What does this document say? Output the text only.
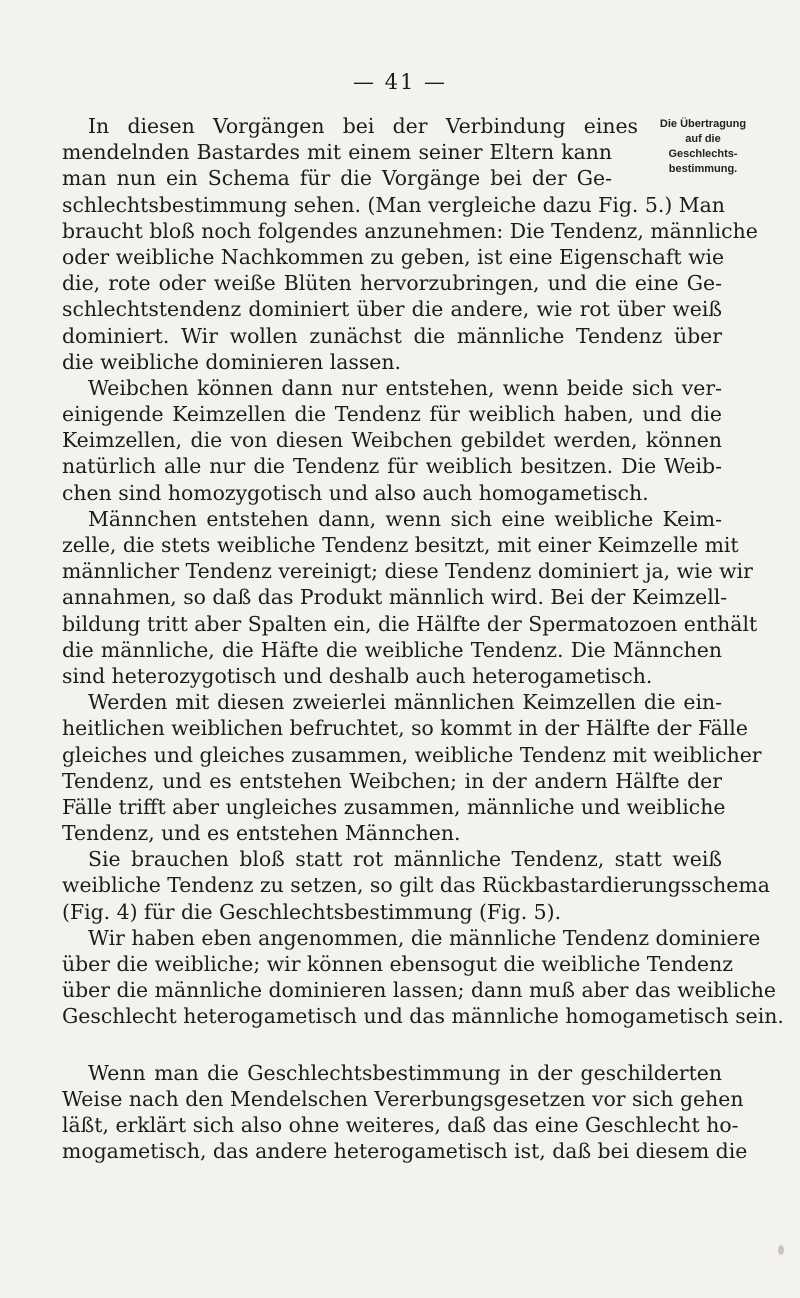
— 41 —
Die Übertragung
auf die
Geschlechts-
bestimmung.
In diesen Vorgängen bei der Verbindung eines
mendelnden Bastardes mit einem seiner Eltern kann
man nun ein Schema für die Vorgänge bei der Ge-
schlechtsbestimmung sehen. (Man vergleiche dazu Fig. 5.) Man
braucht bloß noch folgendes anzunehmen: Die Tendenz, männliche
oder weibliche Nachkommen zu geben, ist eine Eigenschaft wie
die, rote oder weiße Blüten hervorzubringen, und die eine Ge-
schlechtstendenz dominiert über die andere, wie rot über weiß
dominiert. Wir wollen zunächst die männliche Tendenz über
die weibliche dominieren lassen.
Weibchen können dann nur entstehen, wenn beide sich ver-
einigende Keimzellen die Tendenz für weiblich haben, und die
Keimzellen, die von diesen Weibchen gebildet werden, können
natürlich alle nur die Tendenz für weiblich besitzen. Die Weib-
chen sind homozygotisch und also auch homogametisch.
Männchen entstehen dann, wenn sich eine weibliche Keim-
zelle, die stets weibliche Tendenz besitzt, mit einer Keimzelle mit
männlicher Tendenz vereinigt; diese Tendenz dominiert ja, wie wir
annahmen, so daß das Produkt männlich wird. Bei der Keimzell-
bildung tritt aber Spalten ein, die Hälfte der Spermatozoen enthält
die männliche, die Häfte die weibliche Tendenz. Die Männchen
sind heterozygotisch und deshalb auch heterogametisch.
Werden mit diesen zweierlei männlichen Keimzellen die ein-
heitlichen weiblichen befruchtet, so kommt in der Hälfte der Fälle
gleiches und gleiches zusammen, weibliche Tendenz mit weiblicher
Tendenz, und es entstehen Weibchen; in der andern Hälfte der
Fälle trifft aber ungleiches zusammen, männliche und weibliche
Tendenz, und es entstehen Männchen.
Sie brauchen bloß statt rot männliche Tendenz, statt weiß
weibliche Tendenz zu setzen, so gilt das Rückbastardierungsschema
(Fig. 4) für die Geschlechtsbestimmung (Fig. 5).
Wir haben eben angenommen, die männliche Tendenz dominiere
über die weibliche; wir können ebensogut die weibliche Tendenz
über die männliche dominieren lassen; dann muß aber das weibliche
Geschlecht heterogametisch und das männliche homogametisch sein.
Wenn man die Geschlechtsbestimmung in der geschilderten
Weise nach den Mendelschen Vererbungsgesetzen vor sich gehen
läßt, erklärt sich also ohne weiteres, daß das eine Geschlecht ho-
mogametisch, das andere heterogametisch ist, daß bei diesem die
